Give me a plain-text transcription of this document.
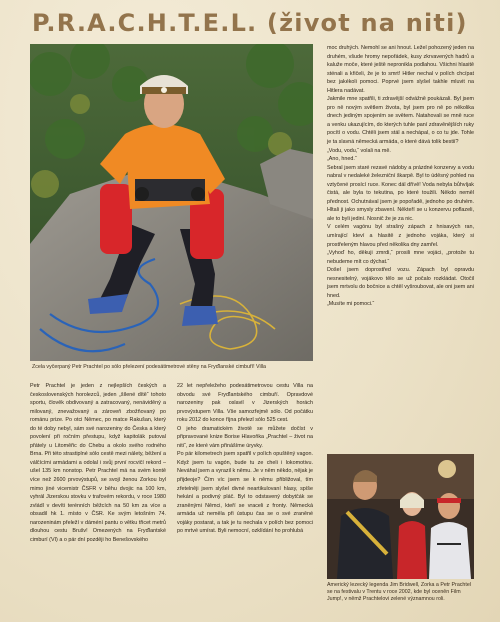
P.R.A.C.H.T.E.L. (život na niti)
Zcela vyčerpaný Petr Prachtel po sólo přelezení podesátimetrové stěny na Fryďlanské cimbuří! Villa

Petr Prachtel je jeden z nejlepších českých a československých horolezců, jeden „šílené dítě“ tohoto sportu, člověk obdivovaný a zatracovaný, nenáviděný a milovaný, znevažovaný a zároveň zbožňovaný po románu prize. Po otci Němec, po matce Rakušan, který do té doby nebyl, sám své narozeniny do Česka a který povolení při ročním přestupu, když kapitolák putoval přátely u Litoměřic do Chebu a okolo svého rodného Brna. Při této strastiplné sólo cestě mezi nálety, běžení a válčícími armádami a odolal i svůj první rocvičí rekord – ušel 135 km nonstop. Petr Prachtel má na svém kontě více než 2600 prvovýstupů, se svojí ženou Zorkou byl mimo jiné vicemistr ČSFR v běhu dvojic na 100 km, vyhrál Jizerskou stovku v trařovém rekordu, v roce 1980 zvládl v devíti terénních běžcích na 50 km za více a obsadil hk 1. místo v ČSR. Ke svým letošním 74. narozeninám přeleží v dáméní pantu o větku třicet metrů dlouhou cestu Brušv! Omezených na Fryďlantské cimburí (VI) a o pár dní později ho Benešovského

22 let nepřeležeho podesátimetrovou cestu Villa na obvodu své Fryďlantského cimbuří. Opravdové narozeniny pak oslavil v Jizerských horách prvovýstupem Villa. Vše samozřejmě sólo. Od počátku roku 2012 do konce října přelezl sólo 525 cest.

O jeho dramatickém životě se můžete dočíst v připravované knize Borise Hlavoňka „Prachtel – život na niti“, ze které vám přinášíme úryvky.

Po pár kilometrech jsem spatřil v polích opuštěný vagon. Když jsem tu vagón, bude tu ze cheli i lokomotivu. Neváhal jsem a vyrazil k němu. Je v něm někdo, nějak je přijdeoje? Čím víc jsem se k němu přibližoval, tím zřetelněji jsem slyšel divné neartikulovaní hlasy, spíše hekání a podivný pláč. Byl to odstavený dobytčák se zraněnými Němci, kteří se vraceli z fronty. Německá armáda už neměla při ústupu čas se o své zraněné vojáky postarat, a tak je tu nechala v polích bez pomoci po mrtvé umírat. Byli nemocní, ozklídání ho prohlubá

moc druhých. Nemohl se ani hnout. Ležel pohozený jeden na druhém, všude hromy nepořádek, kusy zkrvavených hadrů a kaluže moče, které ještě nepronikla podlahou. Všichni hlasitě sténali a křičeli, že je to smrt! Hitler nechal v polích chcípat bez jakékoli pomoci. Poprvé jsem slyšel takhle mluvit na Hitlera nadávat.

Jakmile mne spatřili, ti zdravější odvážně poukázali. Byl jsem pro ně novým světlem života, byl jsem pro ně po několika dnech jediným spojením se světem. Natahovali se mně ruce a venku ukazujícím, do kterých tuhle paní zdravěnějších ruky pocítí o vodu. Chtěli jsem stál a nechápal, o co tu jde. Tohle je ta slavná německá armáda, o které dává tolik bestií?

„Vodu, vodu,“ volali na mě.

„Ano, hned.“

Sebral jsem staré rezavé nádoby a prázdné konzervy a vodu nabral v nedaleké železniční škarpě. Byl to úděsný pohled na vztyčené prosící ruce. Konec dál dřívě! Voda nebyla bůhvíjak čistá, ale byla to tekutina, po které toužili. Někdo neměl přednost. Ochutnával jsem je popořadě, jednoho po druhém. Hltali ji jako smysly zbavení. Někteří se u konzervu poflazeli, ale to byli jediní. Nosnič že je za nic.

V celém vagónu byl strašný zápach z hnisavých ran, umírající kteví a hlasitě z jednoho vojáka, který si prostřeleným hlavou před několika dny zamřel.

„Vyhoď ho, děkuji zmrdi,“ prosili mne vojáci, „protože tu nebudeme mít co dýchat.“

Došel jsem doprostřed vozu. Zápach byl opravdu nesnesitelný, vojákovo tělo se už počalo rozkládat. Otočil jsem mrtvolu do bočnice a chtěl vyšroubovat, ale oni jsem ani hned.

„Musíte mi pomoci.“

Americký lezecký legenda Jim Bridwell, Zorka a Petr Prachtel se na festivalu v Trentu v roce 2002, kde byl oceněn Film Jump!, v němž Prachtelovi zelené významnou roli.
